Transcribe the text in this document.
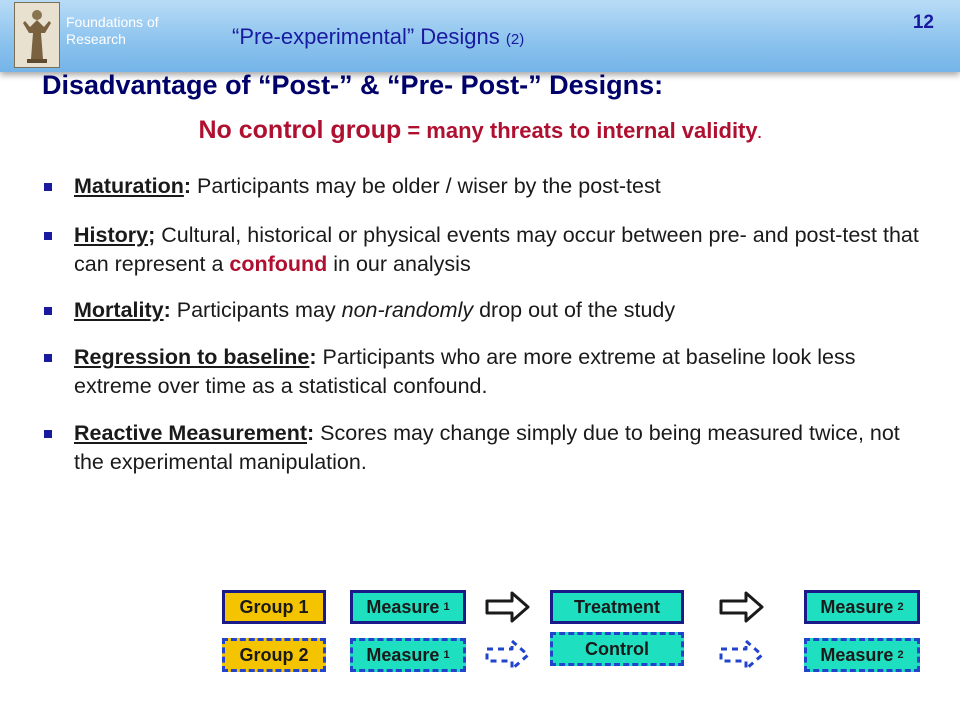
Foundations of
Research	“Pre-experimental” Designs (2)
12
Disadvantage of “Post-” & “Pre- Post-” Designs:
No control group = many threats to internal validity.
Maturation: Participants may be older / wiser by the post-test
History; Cultural, historical or physical events may occur between pre- and post-test that can represent a confound in our analysis
Mortality: Participants may non-randomly drop out of the study
Regression to baseline: Participants who are more extreme at baseline look less extreme over time as a statistical confound.
Reactive Measurement: Scores may change simply due to being measured twice, not the experimental manipulation.
Group 1	Measure 1	Treatment	Measure 2
Group 2	Measure 1	Control	Measure 2
